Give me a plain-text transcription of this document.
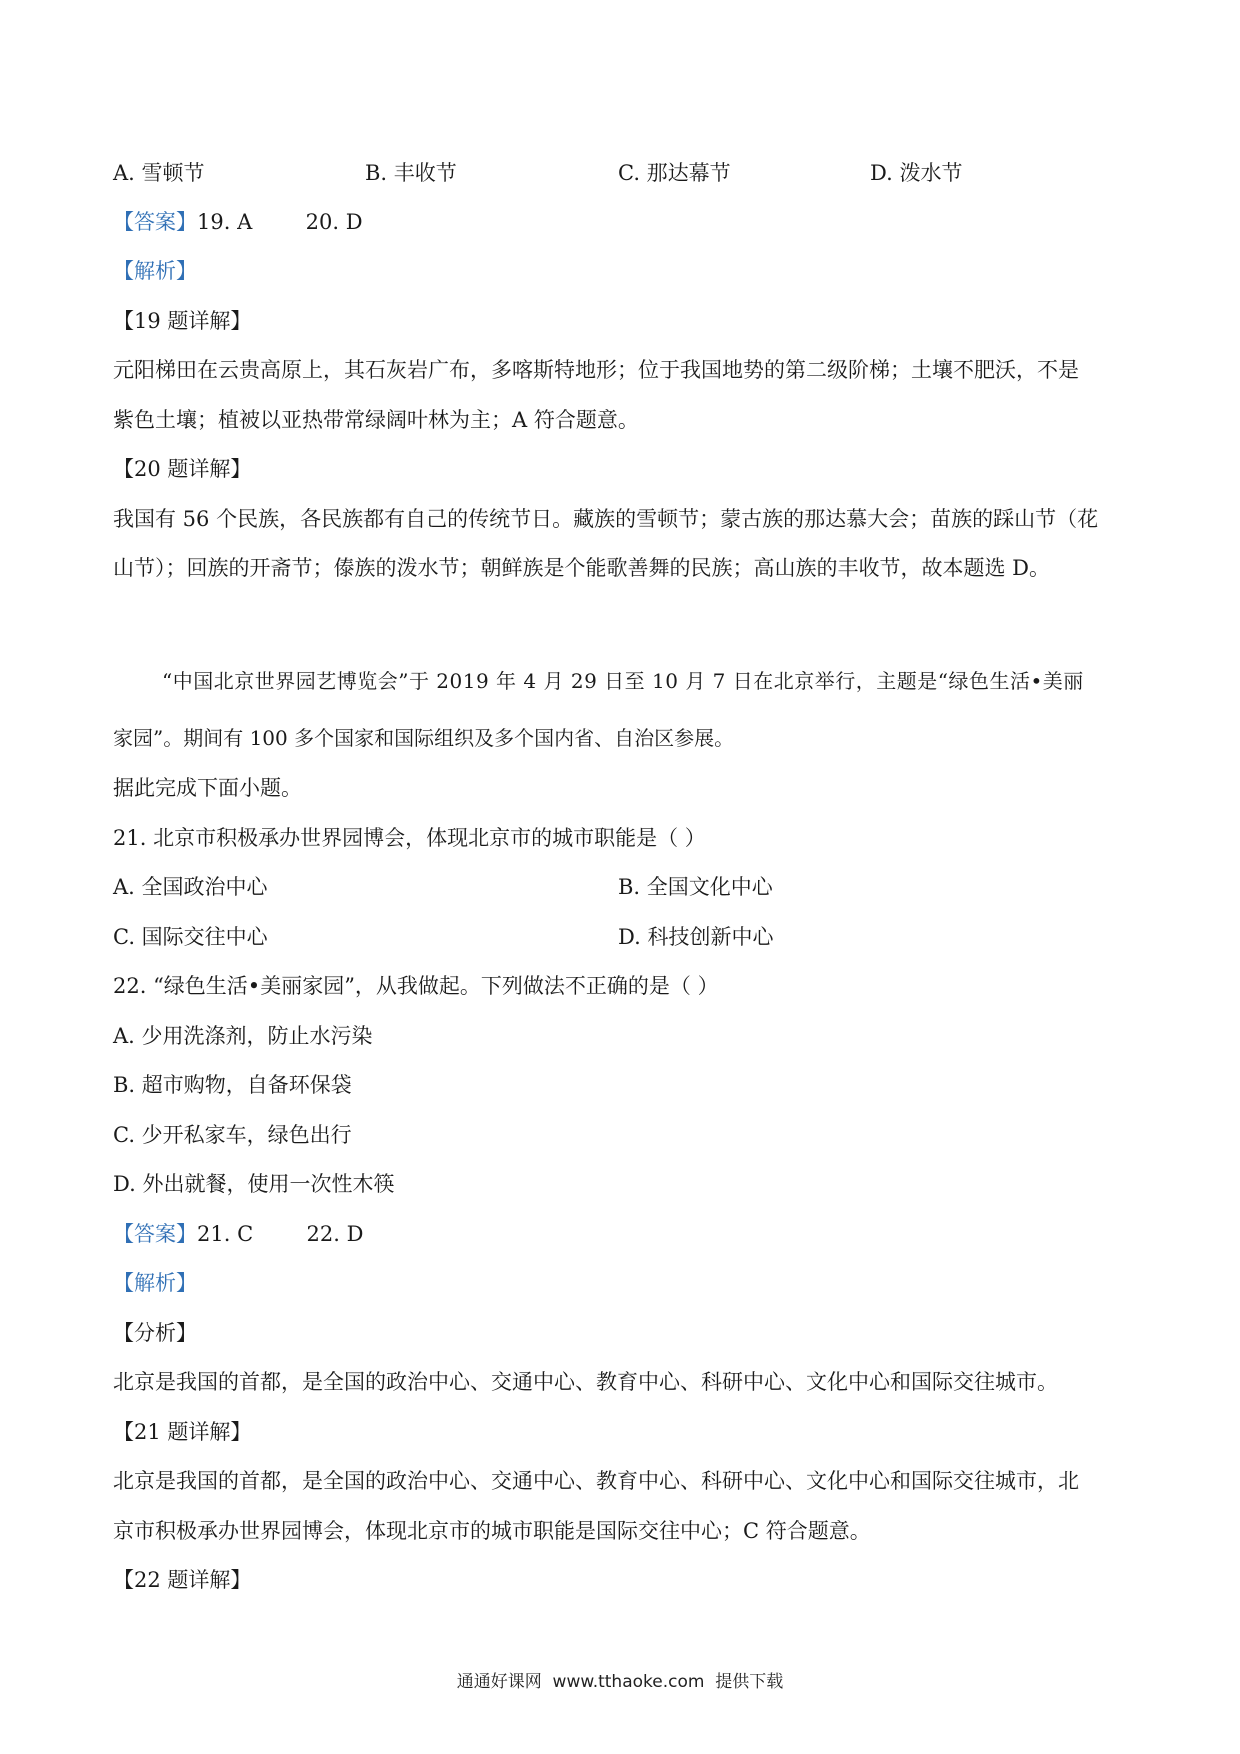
A. 雪顿节	B. 丰收节	C. 那达幕节	D. 泼水节
【答案】19. A        20. D
【解析】
【19 题详解】
元阳梯田在云贵高原上，其石灰岩广布，多喀斯特地形；位于我国地势的第二级阶梯；土壤不肥沃，不是
紫色土壤；植被以亚热带常绿阔叶林为主；A 符合题意。
【20 题详解】
我国有 56 个民族，各民族都有自己的传统节日。藏族的雪顿节；蒙古族的那达慕大会；苗族的踩山节（花
山节）；回族的开斋节；傣族的泼水节；朝鲜族是个能歌善舞的民族；高山族的丰收节，故本题选 D。
“中国北京世界园艺博览会”于 2019 年 4 月 29 日至 10 月 7 日在北京举行，主题是“绿色生活•美丽
家园”。期间有 100 多个国家和国际组织及多个国内省、自治区参展。
据此完成下面小题。
21. 北京市积极承办世界园博会，体现北京市的城市职能是（ ）
A. 全国政治中心	B. 全国文化中心
C. 国际交往中心	D. 科技创新中心
22. “绿色生活•美丽家园”，从我做起。下列做法不正确的是（ ）
A. 少用洗涤剂，防止水污染
B. 超市购物，自备环保袋
C. 少开私家车，绿色出行
D. 外出就餐，使用一次性木筷
【答案】21. C        22. D
【解析】
【分析】
北京是我国的首都，是全国的政治中心、交通中心、教育中心、科研中心、文化中心和国际交往城市。
【21 题详解】
北京是我国的首都，是全国的政治中心、交通中心、教育中心、科研中心、文化中心和国际交往城市，北
京市积极承办世界园博会，体现北京市的城市职能是国际交往中心；C 符合题意。
【22 题详解】
通通好课网  www.tthaoke.com  提供下载
